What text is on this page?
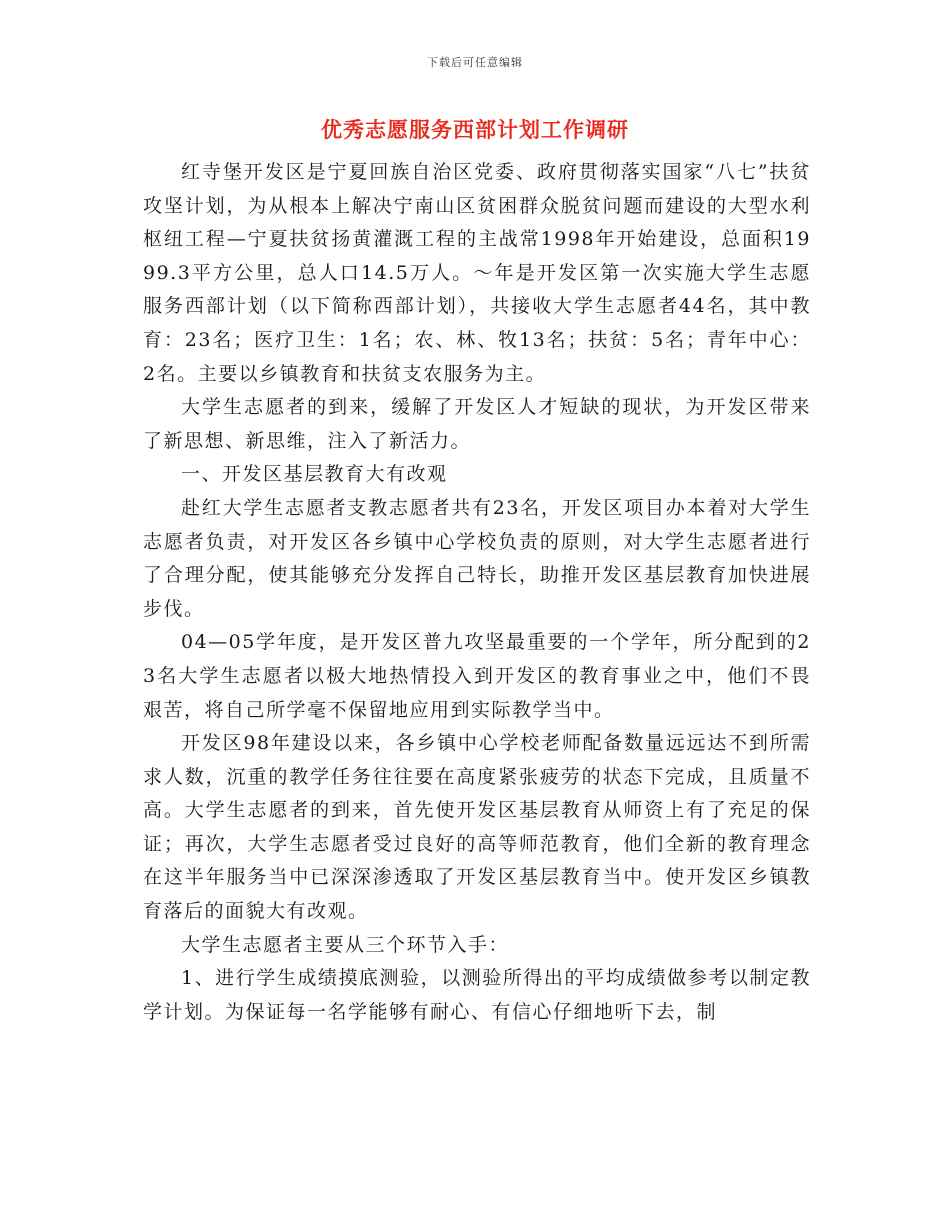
下载后可任意编辑
优秀志愿服务西部计划工作调研

红寺堡开发区是宁夏回族自治区党委、政府贯彻落实国家“八七”扶贫攻坚计划，为从根本上解决宁南山区贫困群众脱贫问题而建设的大型水利枢纽工程—宁夏扶贫扬黄灌溉工程的主战常1998年开始建设，总面积1999.3平方公里，总人口14.5万人。～年是开发区第一次实施大学生志愿服务西部计划（以下简称西部计划），共接收大学生志愿者44名，其中教育：23名；医疗卫生：1名；农、林、牧13名；扶贫：5名；青年中心：2名。主要以乡镇教育和扶贫支农服务为主。

大学生志愿者的到来，缓解了开发区人才短缺的现状，为开发区带来了新思想、新思维，注入了新活力。

一、开发区基层教育大有改观

赴红大学生志愿者支教志愿者共有23名，开发区项目办本着对大学生志愿者负责，对开发区各乡镇中心学校负责的原则，对大学生志愿者进行了合理分配，使其能够充分发挥自己特长，助推开发区基层教育加快进展步伐。

04—05学年度，是开发区普九攻坚最重要的一个学年，所分配到的23名大学生志愿者以极大地热情投入到开发区的教育事业之中，他们不畏艰苦，将自己所学毫不保留地应用到实际教学当中。

开发区98年建设以来，各乡镇中心学校老师配备数量远远达不到所需求人数，沉重的教学任务往往要在高度紧张疲劳的状态下完成，且质量不高。大学生志愿者的到来，首先使开发区基层教育从师资上有了充足的保证；再次，大学生志愿者受过良好的高等师范教育，他们全新的教育理念在这半年服务当中已深深渗透取了开发区基层教育当中。使开发区乡镇教育落后的面貌大有改观。

大学生志愿者主要从三个环节入手：

1、进行学生成绩摸底测验，以测验所得出的平均成绩做参考以制定教学计划。为保证每一名学能够有耐心、有信心仔细地听下去，制
